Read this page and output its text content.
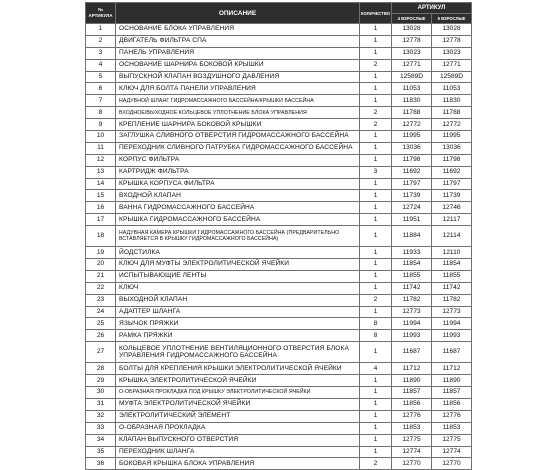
№ АРТИКУЛА	ОПИСАНИЕ	КОЛИЧЕСТВО	АРТИКУЛ	
			4 ВЗРОСЛЫЕ	6 ВЗРОСЛЫЕ
1	ОСНОВАНИЕ БЛОКА УПРАВЛЕНИЯ	1	13028	13028
2	ДВИГАТЕЛЬ ФИЛЬТРА СПА	1	12778	12778
3	ПАНЕЛЬ УПРАВЛЕНИЯ	1	13023	13023
4	ОСНОВАНИЕ ШАРНИРА БОКОВОЙ КРЫШКИ	2	12771	12771
5	ВЫПУСКНОЙ КЛАПАН ВОЗДУШНОГО ДАВЛЕНИЯ	1	12589D	12589D
6	КЛЮЧ ДЛЯ БОЛТА ПАНЕЛИ УПРАВЛЕНИЯ	1	11053	11053
7	НАДУВНОЙ ШЛАНГ ГИДРОМАССАЖНОГО БАССЕЙНА/КРЫШКИ БАССЕЙНА	1	11830	11830
8	ВХОДНОЕ/ВЫХОДНОЕ КОЛЬЦЕВОЕ УПЛОТНЕНИЕ БЛОКА УПРАВЛЕНИЯ	2	11788	11788
9	КРЕПЛЕНИЕ ШАРНИРА БОКОВОЙ КРЫШКИ	2	12772	12772
10	ЗАГЛУШКА СЛИВНОГО ОТВЕРСТИЯ ГИДРОМАССАЖНОГО БАССЕЙНА	1	11995	11995
11	ПЕРЕХОДНИК СЛИВНОГО ПАТРУБКА ГИДРОМАССАЖНОГО БАССЕЙНА	1	13036	13036
12	КОРПУС ФИЛЬТРА	1	11798	11798
13	КАРТРИДЖ ФИЛЬТРА	3	11692	11692
14	КРЫШКА КОРПУСА ФИЛЬТРА	1	11797	11797
15	ВХОДНОЙ КЛАПАН	1	11739	11739
16	ВАННА ГИДРОМАССАЖНОГО БАССЕЙНА	1	12724	12746
17	КРЫШКА ГИДРОМАССАЖНОГО БАССЕЙНА	1	11951	12117
18	НАДУВНАЯ КАМЕРА КРЫШКИ ГИДРОМАССАЖНОГО БАССЕЙНА (ПРЕДВАРИТЕЛЬНО ВСТАВЛЯЕТСЯ В КРЫШКУ ГИДРОМАССАЖНОГО БАССЕЙНА)	1	11884	12114
19	ЙОДСТИЛКА	1	11933	12110
20	КЛЮЧ ДЛЯ МУФТЫ ЭЛЕКТРОЛИТИЧЕСКОЙ ЯЧЕЙКИ	1	11854	11854
21	ИСПЫТЫВАЮЩИЕ ЛЕНТЫ	1	11855	11855
22	КЛЮЧ	1	11742	11742
23	ВЫХОДНОЙ КЛАПАН	2	11782	11782
24	АДАПТЕР ШЛАНГА	1	12773	12773
25	ЯЗЫЧОК ПРЯЖКИ	8	11994	11994
26	РАМКА ПРЯЖКИ	8	11993	11993
27	КОЛЬЦЕВОЕ УПЛОТНЕНИЕ ВЕНТИЛЯЦИОННОГО ОТВЕРСТИЯ БЛОКА УПРАВЛЕНИЯ ГИДРОМАССАЖНОГО БАССЕЙНА	1	11687	11687
28	БОЛТЫ ДЛЯ КРЕПЛЕНИЯ КРЫШКИ ЭЛЕКТРОЛИТИЧЕСКОЙ ЯЧЕЙКИ	4	11712	11712
29	КРЫШКА ЭЛЕКТРОЛИТИЧЕСКОЙ ЯЧЕЙКИ	1	11890	11890
30	О-ОБРАЗНАЯ ПРОКЛАДКА ПОД КРЫШКУ ЭЛЕКТРОЛИТИЧЕСКОЙ ЯЧЕЙКИ	1	11857	11857
31	МУФТА ЭЛЕКТРОЛИТИЧЕСКОЙ ЯЧЕЙКИ	1	11856	11856
32	ЭЛЕКТРОЛИТИЧЕСКИЙ ЭЛЕМЕНТ	1	12776	12776
33	О-ОБРАЗНАЯ ПРОКЛАДКА	1	11853	11853
34	КЛАПАН ВЫПУСКНОГО ОТВЕРСТИЯ	1	12775	12775
35	ПЕРЕХОДНИК ШЛАНГА	1	12774	12774
36	БОКОВАЯ КРЫШКА БЛОКА УПРАВЛЕНИЯ	2	12770	12770
